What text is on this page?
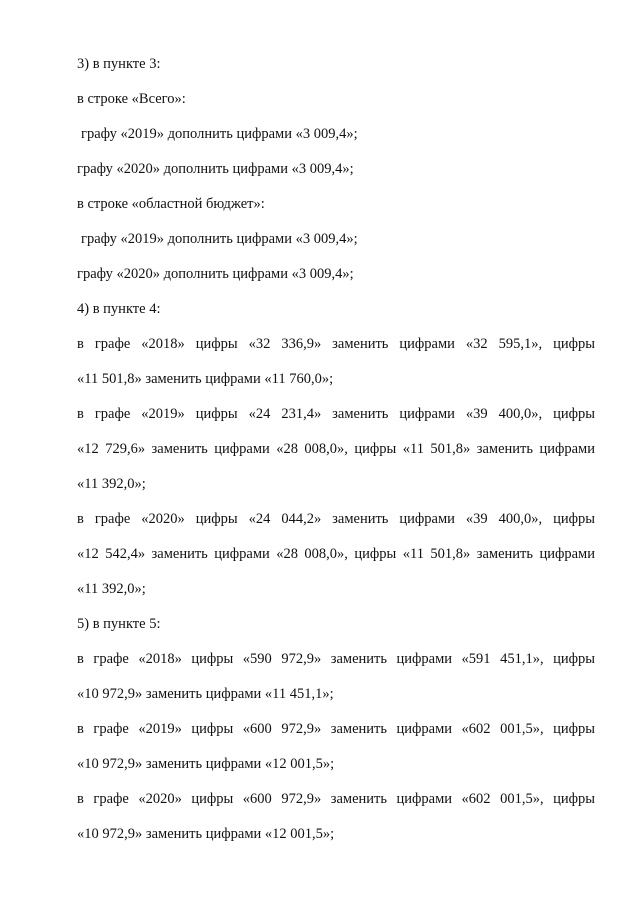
3) в пункте 3:
в строке «Всего»:
графу «2019» дополнить цифрами «3 009,4»;
графу «2020» дополнить цифрами «3 009,4»;
в строке «областной бюджет»:
графу «2019» дополнить цифрами «3 009,4»;
графу «2020» дополнить цифрами «3 009,4»;
4) в пункте 4:
в графе «2018» цифры «32 336,9» заменить цифрами «32 595,1», цифры
«11 501,8» заменить цифрами «11 760,0»;
в графе «2019» цифры «24 231,4» заменить цифрами «39 400,0», цифры
«12 729,6» заменить цифрами «28 008,0», цифры «11 501,8» заменить цифрами
«11 392,0»;
в графе «2020» цифры «24 044,2» заменить цифрами «39 400,0», цифры
«12 542,4» заменить цифрами «28 008,0», цифры «11 501,8» заменить цифрами
«11 392,0»;
5) в пункте 5:
в графе «2018» цифры «590 972,9» заменить цифрами «591 451,1», цифры
«10 972,9» заменить цифрами «11 451,1»;
в графе «2019» цифры «600 972,9» заменить цифрами «602 001,5», цифры
«10 972,9» заменить цифрами «12 001,5»;
в графе «2020» цифры «600 972,9» заменить цифрами «602 001,5», цифры
«10 972,9» заменить цифрами «12 001,5»;
